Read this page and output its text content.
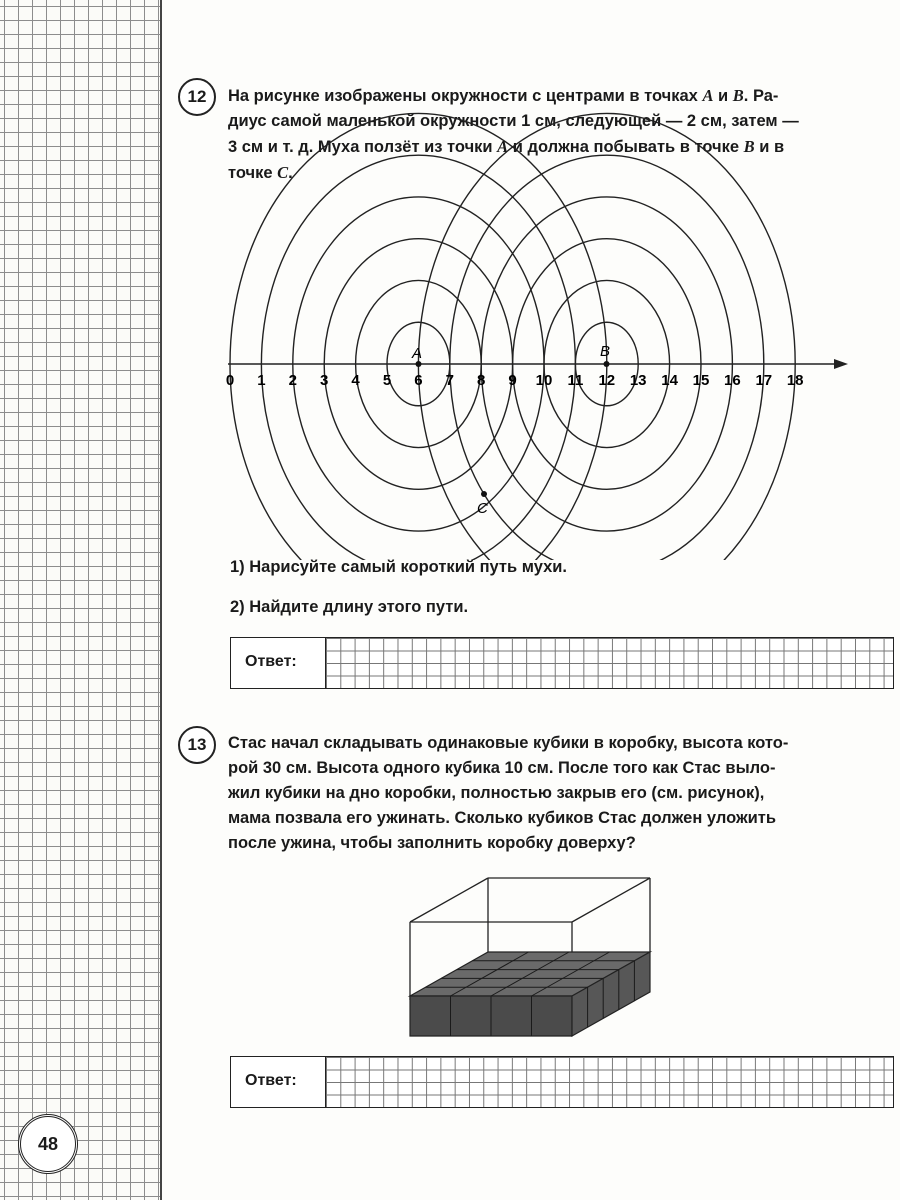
48
12	На рисунке изображены окружности с центрами в точках A и B. Ра-
диус самой маленькой окружности 1 см, следующей — 2 см, затем —
3 см и т. д. Муха ползёт из точки A и должна побывать в точке B и в
точке C.
0 1 2 3 4 5 6 7 8 9 10 11 12 13 14 15 16 17 18
A	B
C
1) Нарисуйте самый короткий путь мухи.
2) Найдите длину этого пути.
Ответ:
13	Стас начал складывать одинаковые кубики в коробку, высота кото-
рой 30 см. Высота одного кубика 10 см. После того как Стас выло-
жил кубики на дно коробки, полностью закрыв его (см. рисунок),
мама позвала его ужинать. Сколько кубиков Стас должен уложить
после ужина, чтобы заполнить коробку доверху?
Ответ:
